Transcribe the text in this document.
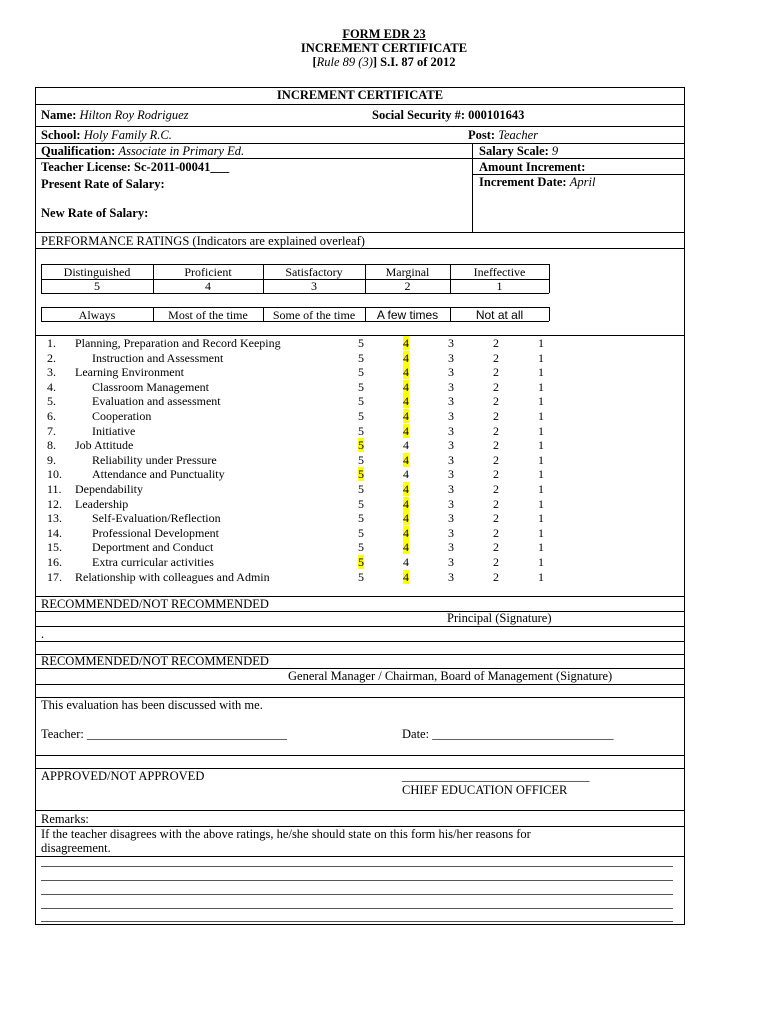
FORM EDR 23
INCREMENT CERTIFICATE
[Rule 89 (3)] S.I. 87 of 2012
INCREMENT CERTIFICATE
Name: Hilton Roy Rodriguez	Social Security #: 000101643
School: Holy Family R.C.	Post: Teacher
Qualification: Associate in Primary Ed.	Salary Scale: 9
Teacher License: Sc-2011-00041___	Amount Increment:
Present Rate of Salary:	Increment Date: April
New Rate of Salary:
PERFORMANCE RATINGS (Indicators are explained overleaf)
Distinguished	Proficient	Satisfactory	Marginal	Ineffective
5	4	3	2	1
Always	Most of the time	Some of the time	A few times	Not at all
1. Planning, Preparation and Record Keeping	5	4	3	2	1
2.	Instruction and Assessment	5	4	3	2	1
3. Learning Environment	5	4	3	2	1
4.	Classroom Management	5	4	3	2	1
5.	Evaluation and assessment	5	4	3	2	1
6.	Cooperation	5	4	3	2	1
7.	Initiative	5	4	3	2	1
8. Job Attitude	5	4	3	2	1
9.	Reliability under Pressure	5	4	3	2	1
10.	Attendance and Punctuality	5	4	3	2	1
11. Dependability	5	4	3	2	1
12. Leadership	5	4	3	2	1
13.	Self-Evaluation/Reflection	5	4	3	2	1
14.	Professional Development	5	4	3	2	1
15.	Deportment and Conduct	5	4	3	2	1
16.	Extra curricular activities	5	4	3	2	1
17. Relationship with colleagues and Admin	5	4	3	2	1
RECOMMENDED/NOT RECOMMENDED
Principal (Signature)
.
RECOMMENDED/NOT RECOMMENDED
General Manager / Chairman, Board of Management (Signature)
This evaluation has been discussed with me.
Teacher: ________________________________	Date: _____________________________
APPROVED/NOT APPROVED	______________________________
CHIEF EDUCATION OFFICER
Remarks:
If the teacher disagrees with the above ratings, he/she should state on this form his/her reasons for
disagreement.
